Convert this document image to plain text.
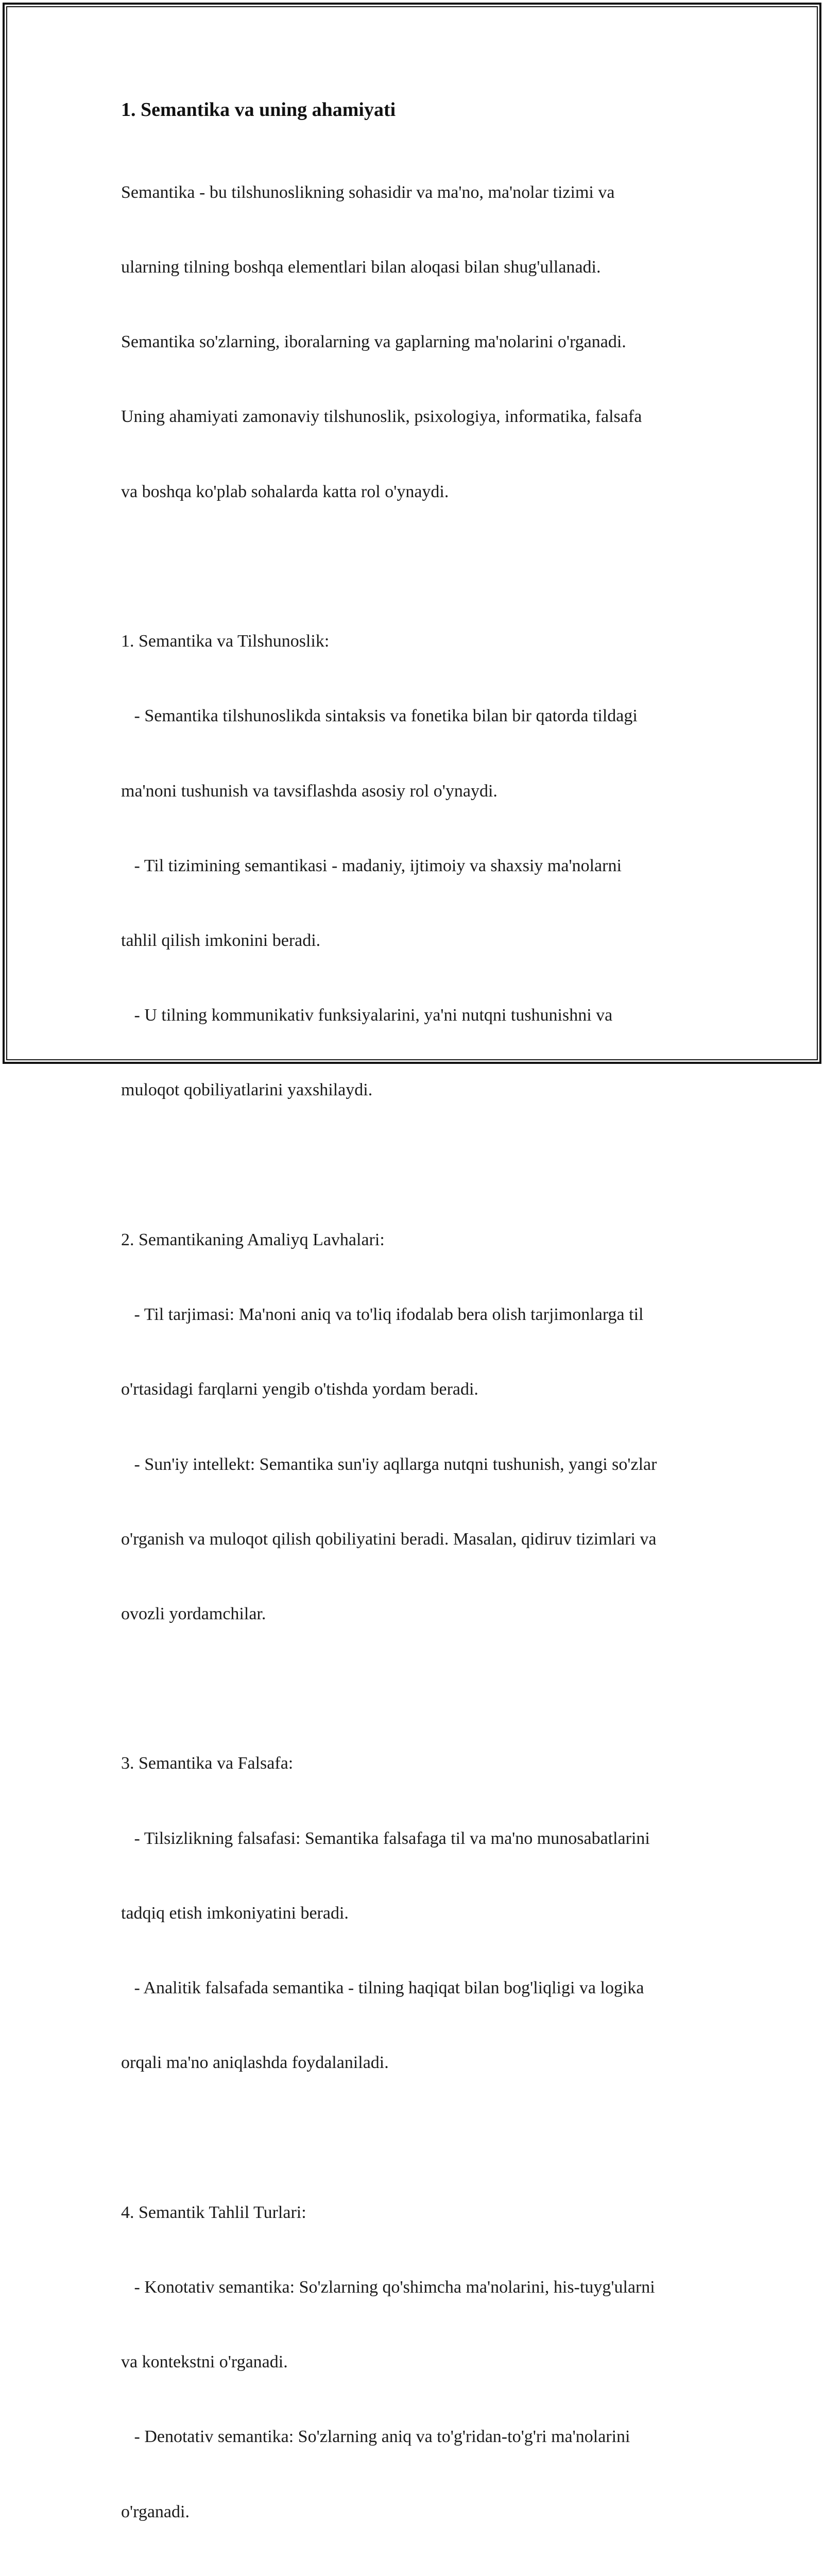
1. Semantika va uning ahamiyati

Semantika - bu tilshunoslikning sohasidir va ma'no, ma'nolar tizimi va

ularning tilning boshqa elementlari bilan aloqasi bilan shug'ullanadi.

Semantika so'zlarning, iboralarning va gaplarning ma'nolarini o'rganadi.

Uning ahamiyati zamonaviy tilshunoslik, psixologiya, informatika, falsafa

va boshqa ko'plab sohalarda katta rol o'ynaydi.

1. Semantika va Tilshunoslik:

- Semantika tilshunoslikda sintaksis va fonetika bilan bir qatorda tildagi

ma'noni tushunish va tavsiflashda asosiy rol o'ynaydi.

- Til tizimining semantikasi - madaniy, ijtimoiy va shaxsiy ma'nolarni

tahlil qilish imkonini beradi.

- U tilning kommunikativ funksiyalarini, ya'ni nutqni tushunishni va

muloqot qobiliyatlarini yaxshilaydi.

2. Semantikaning Amaliyq Lavhalari:

- Til tarjimasi: Ma'noni aniq va to'liq ifodalab bera olish tarjimonlarga til

o'rtasidagi farqlarni yengib o'tishda yordam beradi.

- Sun'iy intellekt: Semantika sun'iy aqllarga nutqni tushunish, yangi so'zlar

o'rganish va muloqot qilish qobiliyatini beradi. Masalan, qidiruv tizimlari va

ovozli yordamchilar.

3. Semantika va Falsafa:

- Tilsizlikning falsafasi: Semantika falsafaga til va ma'no munosabatlarini

tadqiq etish imkoniyatini beradi.

- Analitik falsafada semantika - tilning haqiqat bilan bog'liqligi va logika

orqali ma'no aniqlashda foydalaniladi.

4. Semantik Tahlil Turlari:

- Konotativ semantika: So'zlarning qo'shimcha ma'nolarini, his-tuyg'ularni

va kontekstni o'rganadi.

- Denotativ semantika: So'zlarning aniq va to'g'ridan-to'g'ri ma'nolarini

o'rganadi.
